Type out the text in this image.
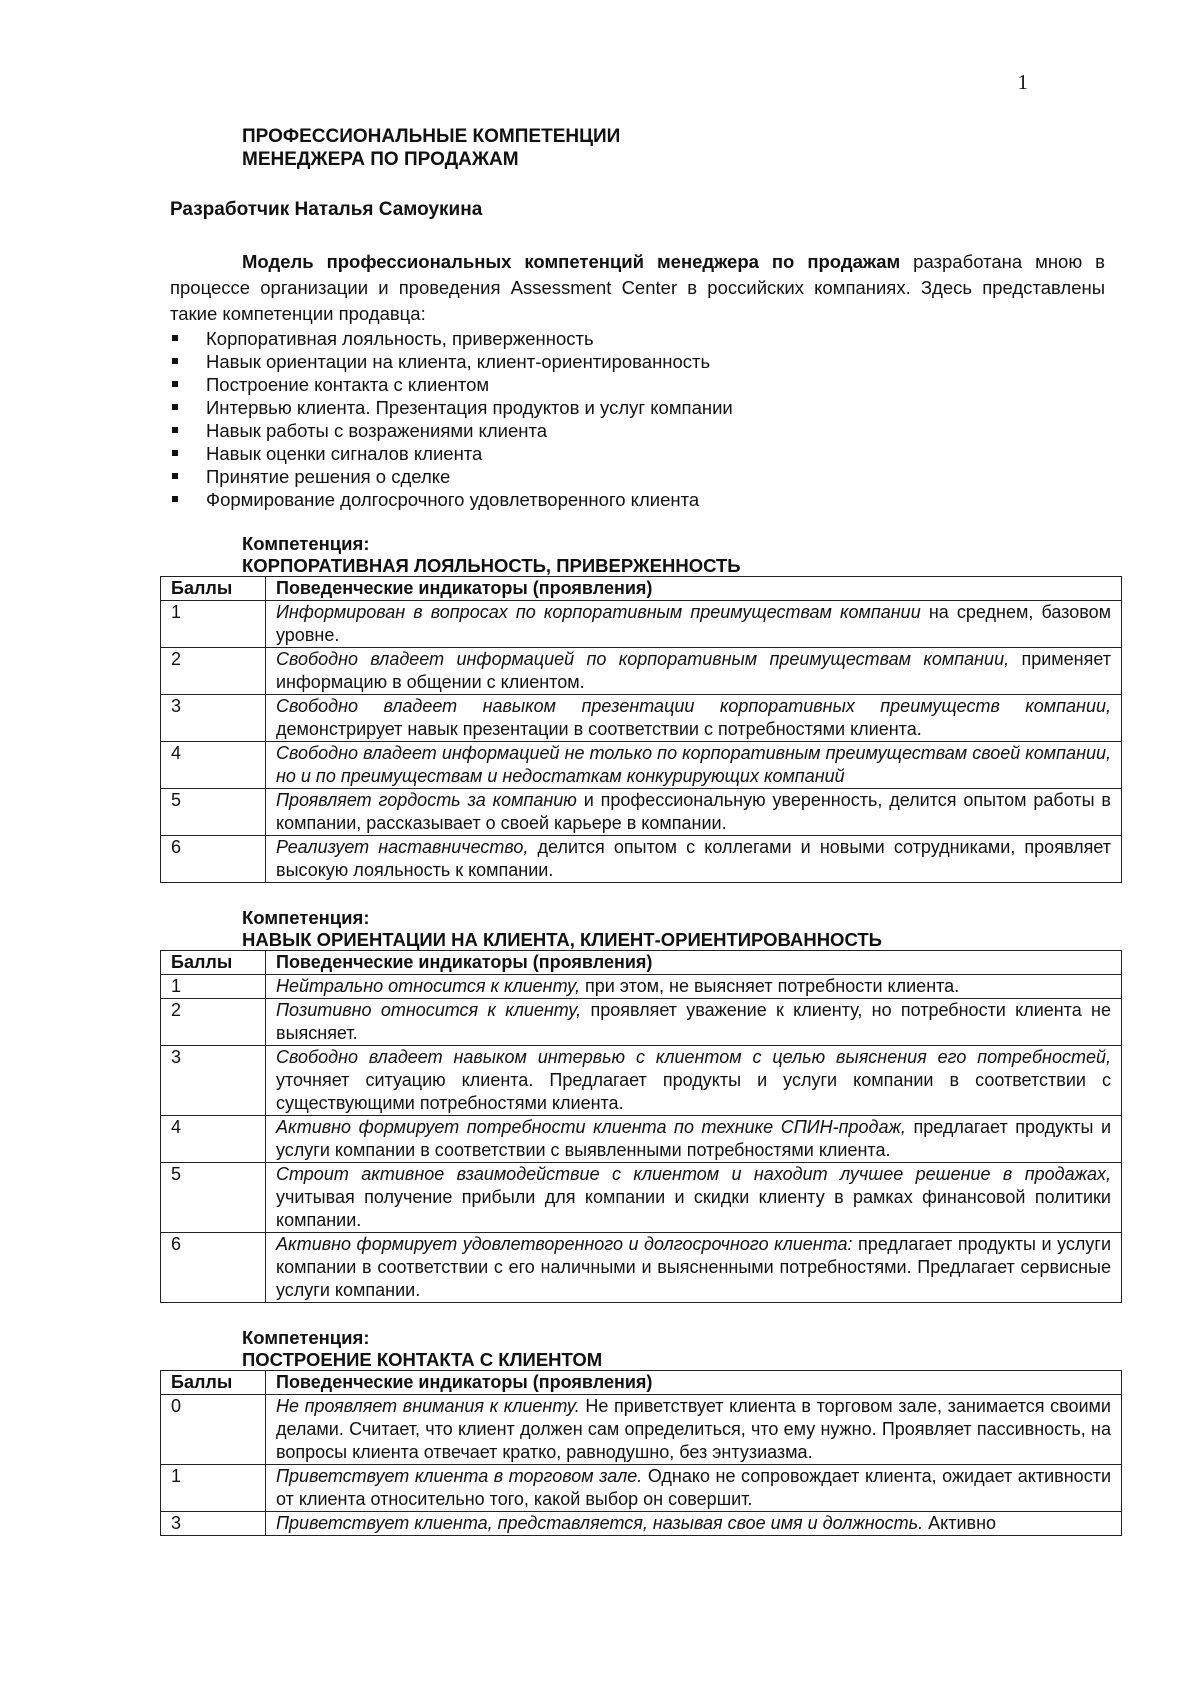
1
ПРОФЕССИОНАЛЬНЫЕ КОМПЕТЕНЦИИ
МЕНЕДЖЕРА ПО ПРОДАЖАМ
Разработчик Наталья Самоукина
Модель профессиональных компетенций менеджера по продажам разработана мною в процессе организации и проведения Assessment Center в российских компаниях. Здесь представлены такие компетенции продавца:
Корпоративная лояльность, приверженность
Навык ориентации на клиента, клиент-ориентированность
Построение контакта с клиентом
Интервью клиента. Презентация продуктов и услуг компании
Навык работы с возражениями клиента
Навык оценки сигналов клиента
Принятие решения о сделке
Формирование долгосрочного удовлетворенного клиента
Компетенция:
КОРПОРАТИВНАЯ ЛОЯЛЬНОСТЬ, ПРИВЕРЖЕННОСТЬ
Баллы	Поведенческие индикаторы (проявления)
1	Информирован в вопросах по корпоративным преимуществам компании на среднем, базовом уровне.
2	Свободно владеет информацией по корпоративным преимуществам компании, применяет информацию в общении с клиентом.
3	Свободно владеет навыком презентации корпоративных преимуществ компании, демонстрирует навык презентации в соответствии с потребностями клиента.
4	Свободно владеет информацией не только по корпоративным преимуществам своей компании, но и по преимуществам и недостаткам конкурирующих компаний
5	Проявляет гордость за компанию и профессиональную уверенность, делится опытом работы в компании, рассказывает о своей карьере в компании.
6	Реализует наставничество, делится опытом с коллегами и новыми сотрудниками, проявляет высокую лояльность к компании.
Компетенция:
НАВЫК ОРИЕНТАЦИИ НА КЛИЕНТА, КЛИЕНТ-ОРИЕНТИРОВАННОСТЬ
Баллы	Поведенческие индикаторы (проявления)
1	Нейтрально относится к клиенту, при этом, не выясняет потребности клиента.
2	Позитивно относится к клиенту, проявляет уважение к клиенту, но потребности клиента не выясняет.
3	Свободно владеет навыком интервью с клиентом с целью выяснения его потребностей, уточняет ситуацию клиента. Предлагает продукты и услуги компании в соответствии с существующими потребностями клиента.
4	Активно формирует потребности клиента по технике СПИН-продаж, предлагает продукты и услуги компании в соответствии с выявленными потребностями клиента.
5	Строит активное взаимодействие с клиентом и находит лучшее решение в продажах, учитывая получение прибыли для компании и скидки клиенту в рамках финансовой политики компании.
6	Активно формирует удовлетворенного и долгосрочного клиента: предлагает продукты и услуги компании в соответствии с его наличными и выясненными потребностями. Предлагает сервисные услуги компании.
Компетенция:
ПОСТРОЕНИЕ КОНТАКТА С КЛИЕНТОМ
Баллы	Поведенческие индикаторы (проявления)
0	Не проявляет внимания к клиенту. Не приветствует клиента в торговом зале, занимается своими делами. Считает, что клиент должен сам определиться, что ему нужно. Проявляет пассивность, на вопросы клиента отвечает кратко, равнодушно, без энтузиазма.
1	Приветствует клиента в торговом зале. Однако не сопровождает клиента, ожидает активности от клиента относительно того, какой выбор он совершит.
3	Приветствует клиента, представляется, называя свое имя и должность. Активно
